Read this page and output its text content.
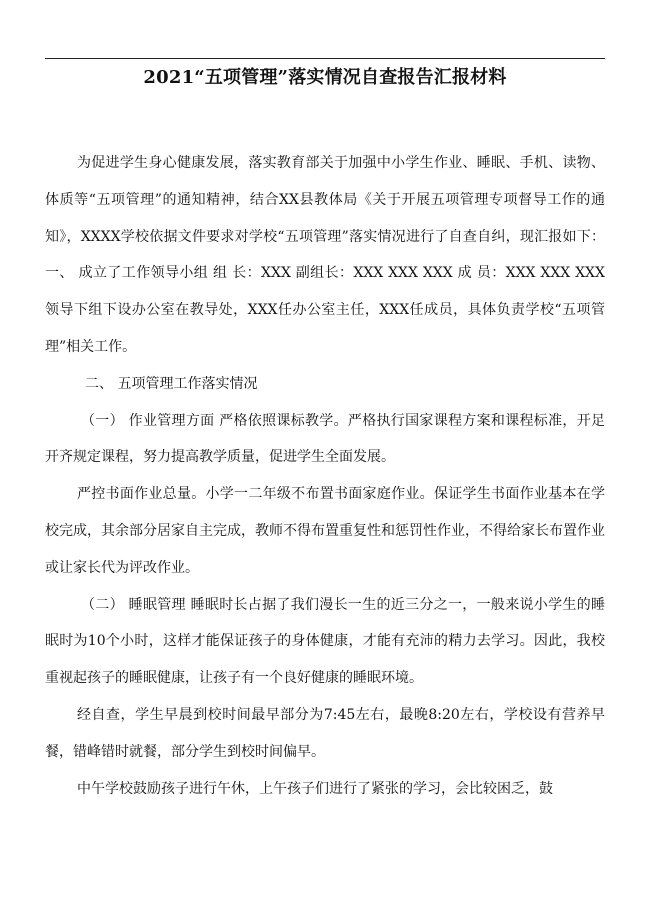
2021“五项管理”落实情况自查报告汇报材料

为促进学生身心健康发展，落实教育部关于加强中小学生作业、睡眠、手机、读物、体质等“五项管理”的通知精神，结合XX县教体局《关于开展五项管理专项督导工作的通知》，XXXX学校依据文件要求对学校“五项管理”落实情况进行了自查自纠，现汇报如下： 一、 成立了工作领导小组 组 长：XXX 副组长：XXX XXX XXX 成 员：XXX XXX XXX 领导下组下设办公室在教导处，XXX任办公室主任，XXX任成员，具体负责学校“五项管理”相关工作。

二、 五项管理工作落实情况

（一） 作业管理方面 严格依照课标教学。严格执行国家课程方案和课程标准，开足开齐规定课程，努力提高教学质量，促进学生全面发展。

严控书面作业总量。小学一二年级不布置书面家庭作业。保证学生书面作业基本在学校完成，其余部分居家自主完成，教师不得布置重复性和惩罚性作业，不得给家长布置作业或让家长代为评改作业。

（二） 睡眠管理 睡眠时长占据了我们漫长一生的近三分之一，一般来说小学生的睡眠时为10个小时，这样才能保证孩子的身体健康，才能有充沛的精力去学习。因此，我校重视起孩子的睡眠健康，让孩子有一个良好健康的睡眠环境。

经自查，学生早晨到校时间最早部分为7:45左右，最晚8:20左右，学校设有营养早餐，错峰错时就餐，部分学生到校时间偏早。

中午学校鼓励孩子进行午休，上午孩子们进行了紧张的学习，会比较困乏，鼓
